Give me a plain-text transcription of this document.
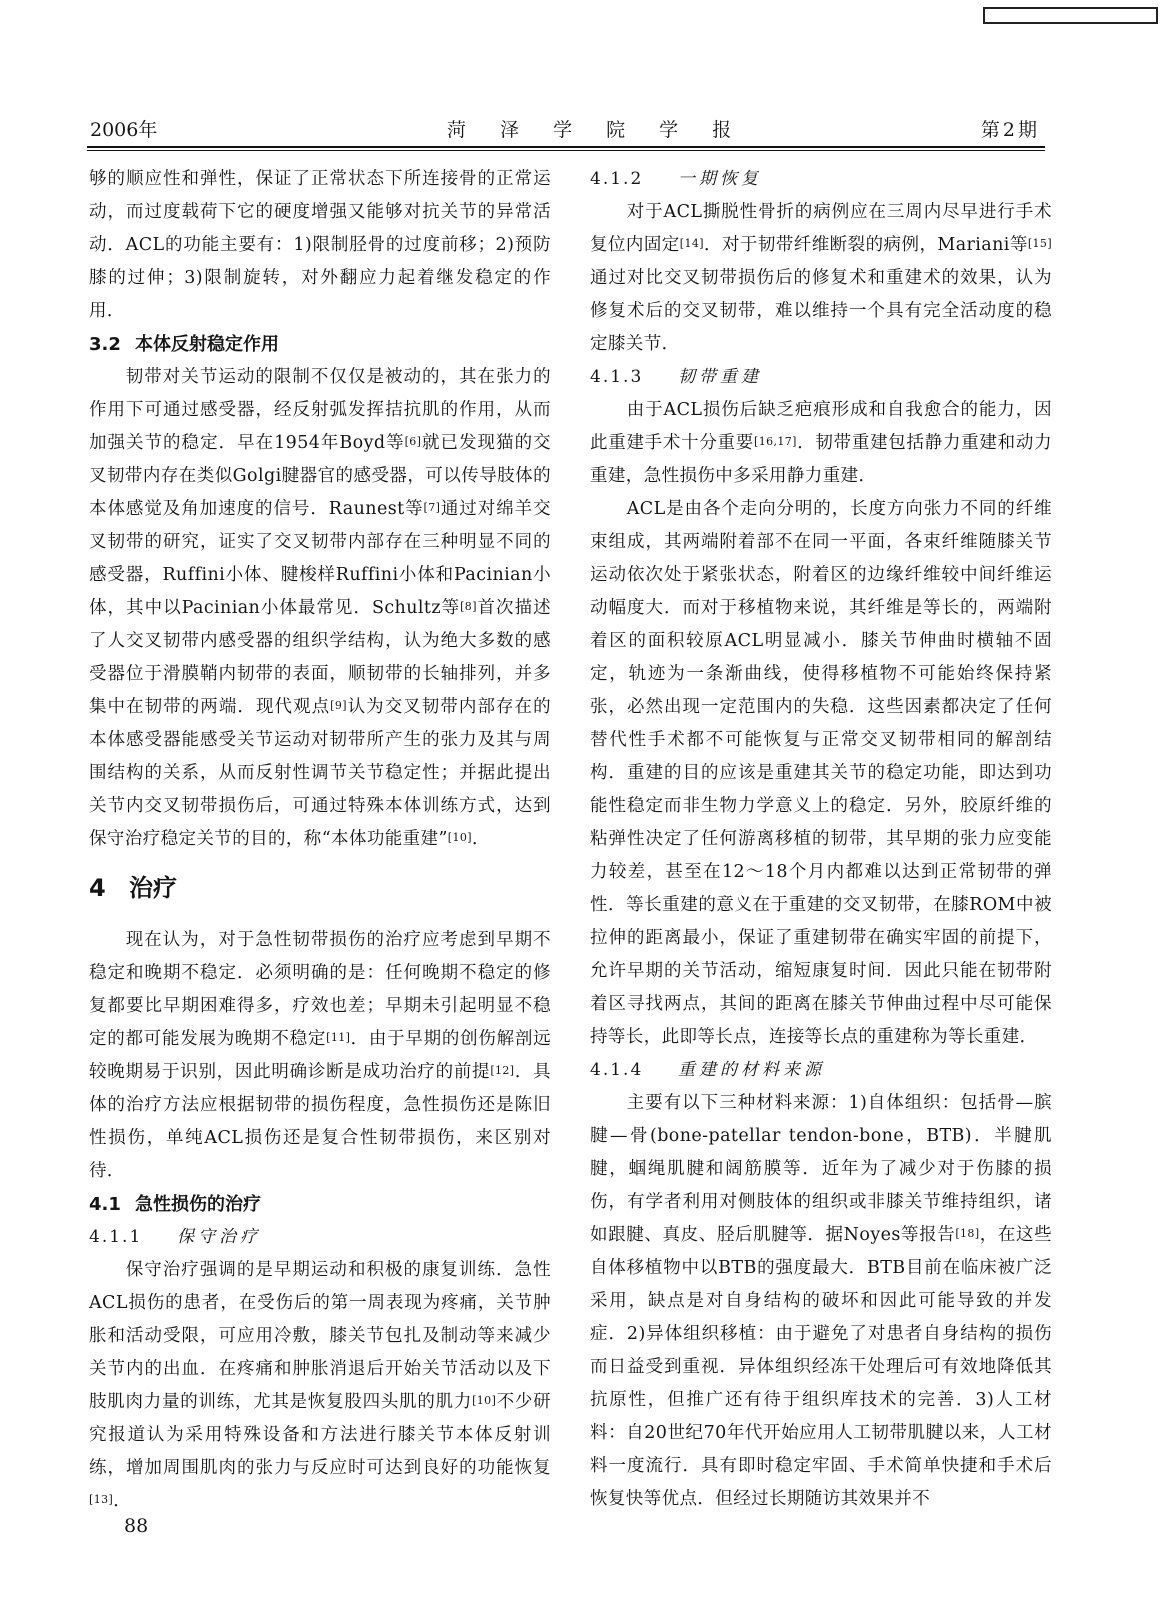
2006年	菏 泽 学 院 学 报	第2期

够的顺应性和弹性，保证了正常状态下所连接骨的正常运动，而过度载荷下它的硬度增强又能够对抗关节的异常活动．ACL的功能主要有：1)限制胫骨的过度前移；2)预防膝的过伸；3)限制旋转，对外翻应力起着继发稳定的作用．

3.2 本体反射稳定作用

韧带对关节运动的限制不仅仅是被动的，其在张力的作用下可通过感受器，经反射弧发挥拮抗肌的作用，从而加强关节的稳定．早在1954年Boyd等[6]就已发现猫的交叉韧带内存在类似Golgi腱器官的感受器，可以传导肢体的本体感觉及角加速度的信号．Raunest等[7]通过对绵羊交叉韧带的研究，证实了交叉韧带内部存在三种明显不同的感受器，Ruffini小体、腱梭样Ruffini小体和Pacinian小体，其中以Pacinian小体最常见．Schultz等[8]首次描述了人交叉韧带内感受器的组织学结构，认为绝大多数的感受器位于滑膜鞘内韧带的表面，顺韧带的长轴排列，并多集中在韧带的两端．现代观点[9]认为交叉韧带内部存在的本体感受器能感受关节运动对韧带所产生的张力及其与周围结构的关系，从而反射性调节关节稳定性；并据此提出关节内交叉韧带损伤后，可通过特殊本体训练方式，达到保守治疗稳定关节的目的，称“本体功能重建”[10]．

4 治疗

现在认为，对于急性韧带损伤的治疗应考虑到早期不稳定和晚期不稳定．必须明确的是：任何晚期不稳定的修复都要比早期困难得多，疗效也差；早期未引起明显不稳定的都可能发展为晚期不稳定[11]．由于早期的创伤解剖远较晚期易于识别，因此明确诊断是成功治疗的前提[12]．具体的治疗方法应根据韧带的损伤程度，急性损伤还是陈旧性损伤，单纯ACL损伤还是复合性韧带损伤，来区别对待．

4.1 急性损伤的治疗

4.1.1 保守治疗

保守治疗强调的是早期运动和积极的康复训练．急性ACL损伤的患者，在受伤后的第一周表现为疼痛，关节肿胀和活动受限，可应用冷敷，膝关节包扎及制动等来减少关节内的出血．在疼痛和肿胀消退后开始关节活动以及下肢肌肉力量的训练，尤其是恢复股四头肌的肌力[10]不少研究报道认为采用特殊设备和方法进行膝关节本体反射训练，增加周围肌肉的张力与反应时可达到良好的功能恢复[13]．

4.1.2 一期恢复

对于ACL撕脱性骨折的病例应在三周内尽早进行手术复位内固定[14]．对于韧带纤维断裂的病例，Mariani等[15]通过对比交叉韧带损伤后的修复术和重建术的效果，认为修复术后的交叉韧带，难以维持一个具有完全活动度的稳定膝关节．

4.1.3 韧带重建

由于ACL损伤后缺乏疤痕形成和自我愈合的能力，因此重建手术十分重要[16,17]．韧带重建包括静力重建和动力重建，急性损伤中多采用静力重建．

ACL是由各个走向分明的，长度方向张力不同的纤维束组成，其两端附着部不在同一平面，各束纤维随膝关节运动依次处于紧张状态，附着区的边缘纤维较中间纤维运动幅度大．而对于移植物来说，其纤维是等长的，两端附着区的面积较原ACL明显减小．膝关节伸曲时横轴不固定，轨迹为一条渐曲线，使得移植物不可能始终保持紧张，必然出现一定范围内的失稳．这些因素都决定了任何替代性手术都不可能恢复与正常交叉韧带相同的解剖结构．重建的目的应该是重建其关节的稳定功能，即达到功能性稳定而非生物力学意义上的稳定．另外，胶原纤维的粘弹性决定了任何游离移植的韧带，其早期的张力应变能力较差，甚至在12～18个月内都难以达到正常韧带的弹性．等长重建的意义在于重建的交叉韧带，在膝ROM中被拉伸的距离最小，保证了重建韧带在确实牢固的前提下，允许早期的关节活动，缩短康复时间．因此只能在韧带附着区寻找两点，其间的距离在膝关节伸曲过程中尽可能保持等长，此即等长点，连接等长点的重建称为等长重建．

4.1.4 重建的材料来源

主要有以下三种材料来源：1)自体组织：包括骨—膑腱—骨(bone-patellar tendon-bone，BTB)．半腱肌腱，蝈绳肌腱和阔筋膜等．近年为了减少对于伤膝的损伤，有学者利用对侧肢体的组织或非膝关节维持组织，诸如跟腱、真皮、胫后肌腱等．据Noyes等报告[18]，在这些自体移植物中以BTB的强度最大．BTB目前在临床被广泛采用，缺点是对自身结构的破坏和因此可能导致的并发症．2)异体组织移植：由于避免了对患者自身结构的损伤而日益受到重视．异体组织经冻干处理后可有效地降低其抗原性，但推广还有待于组织库技术的完善．3)人工材料：自20世纪70年代开始应用人工韧带肌腱以来，人工材料一度流行．具有即时稳定牢固、手术简单快捷和手术后恢复快等优点．但经过长期随访其效果并不

88
